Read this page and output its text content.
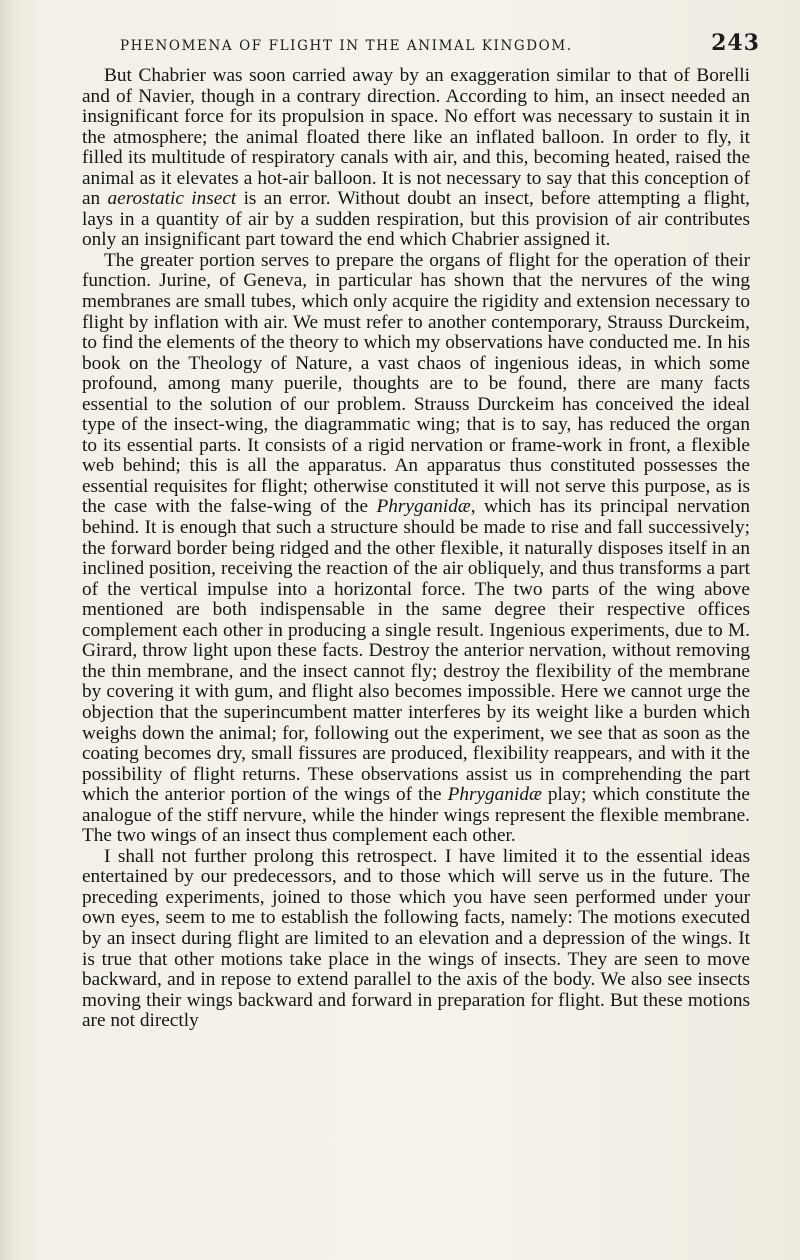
PHENOMENA OF FLIGHT IN THE ANIMAL KINGDOM.	243

But Chabrier was soon carried away by an exaggeration similar to that of Borelli and of Navier, though in a contrary direction. According to him, an insect needed an insignificant force for its propulsion in space. No effort was necessary to sustain it in the atmosphere; the animal floated there like an inflated balloon. In order to fly, it filled its multitude of respiratory canals with air, and this, becoming heated, raised the animal as it elevates a hot-air balloon. It is not necessary to say that this conception of an aerostatic insect is an error. Without doubt an insect, before attempting a flight, lays in a quantity of air by a sudden respiration, but this provision of air contributes only an insignificant part toward the end which Chabrier assigned it.

The greater portion serves to prepare the organs of flight for the operation of their function. Jurine, of Geneva, in particular has shown that the nervures of the wing membranes are small tubes, which only acquire the rigidity and extension necessary to flight by inflation with air. We must refer to another contemporary, Strauss Durckeim, to find the elements of the theory to which my observations have conducted me. In his book on the Theology of Nature, a vast chaos of ingenious ideas, in which some profound, among many puerile, thoughts are to be found, there are many facts essential to the solution of our problem. Strauss Durckeim has conceived the ideal type of the insect-wing, the diagrammatic wing; that is to say, has reduced the organ to its essential parts. It consists of a rigid nervation or frame-work in front, a flexible web behind; this is all the apparatus. An apparatus thus constituted possesses the essential requisites for flight; otherwise constituted it will not serve this purpose, as is the case with the false-wing of the Phryganidæ, which has its principal nervation behind. It is enough that such a structure should be made to rise and fall successively; the forward border being ridged and the other flexible, it naturally disposes itself in an inclined position, receiving the reaction of the air obliquely, and thus transforms a part of the vertical impulse into a horizontal force. The two parts of the wing above mentioned are both indispensable in the same degree their respective offices complement each other in producing a single result. Ingenious experiments, due to M. Girard, throw light upon these facts. Destroy the anterior nervation, without removing the thin membrane, and the insect cannot fly; destroy the flexibility of the membrane by covering it with gum, and flight also becomes impossible. Here we cannot urge the objection that the superincumbent matter interferes by its weight like a burden which weighs down the animal; for, following out the experiment, we see that as soon as the coating becomes dry, small fissures are produced, flexibility reappears, and with it the possibility of flight returns. These observations assist us in comprehending the part which the anterior portion of the wings of the Phryganidæ play; which constitute the analogue of the stiff nervure, while the hinder wings represent the flexible membrane. The two wings of an insect thus complement each other.

I shall not further prolong this retrospect. I have limited it to the essential ideas entertained by our predecessors, and to those which will serve us in the future. The preceding experiments, joined to those which you have seen performed under your own eyes, seem to me to establish the following facts, namely: The motions executed by an insect during flight are limited to an elevation and a depression of the wings. It is true that other motions take place in the wings of insects. They are seen to move backward, and in repose to extend parallel to the axis of the body. We also see insects moving their wings backward and forward in preparation for flight. But these motions are not directly
